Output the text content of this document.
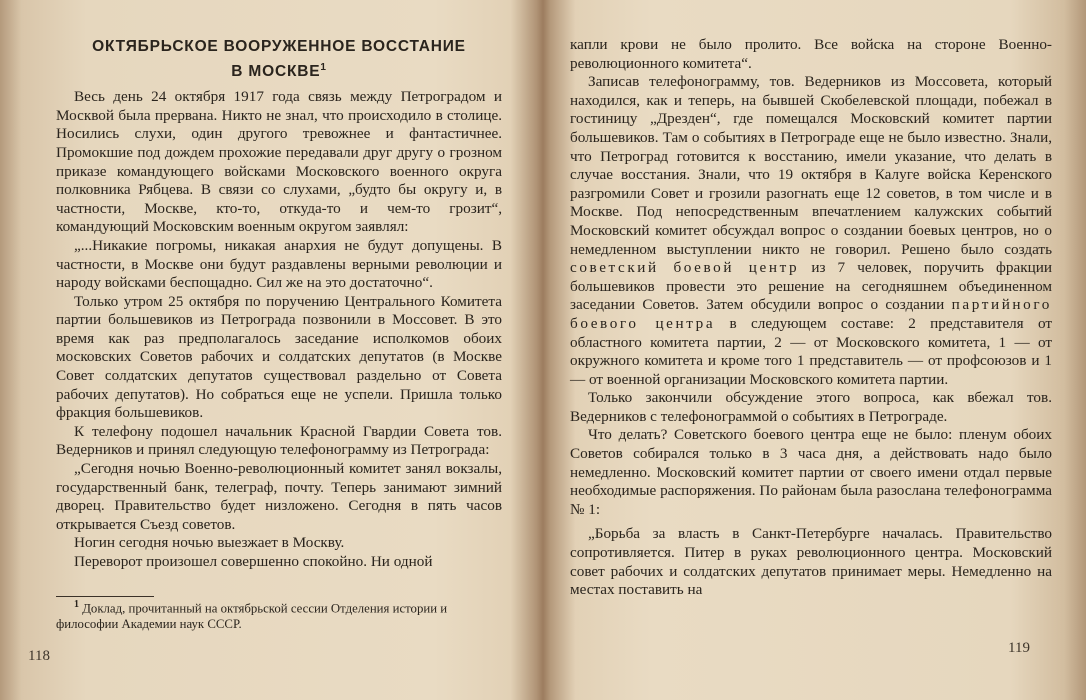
ОКТЯБРЬСКОЕ ВООРУЖЕННОЕ ВОССТАНИЕ
В МОСКВЕ$^1$

Весь день 24 октября 1917 года связь между Петроградом и Москвой была прервана. Никто не знал, что происходило в столице. Носились слухи, один другого тревожнее и фантастичнее. Промокшие под дождем прохожие передавали друг другу о грозном приказе командующего войсками Московского военного округа полковника Рябцева. В связи со слухами, „будто бы округу и, в частности, Москве, кто-то, откуда-то и чем-то грозит“, командующий Московским военным округом заявлял:

„...Никакие погромы, никакая анархия не будут допущены. В частности, в Москве они будут раздавлены верными революции и народу войсками беспощадно. Сил же на это достаточно“.

Только утром 25 октября по поручению Центрального Комитета партии большевиков из Петрограда позвонили в Моссовет. В это время как раз предполагалось заседание исполкомов обоих московских Советов рабочих и солдатских депутатов (в Москве Совет солдатских депутатов существовал раздельно от Совета рабочих депутатов). Но собраться еще не успели. Пришла только фракция большевиков.

К телефону подошел начальник Красной Гвардии Совета тов. Ведерников и принял следующую телефонограмму из Петрограда:

„Сегодня ночью Военно-революционный комитет занял вокзалы, государственный банк, телеграф, почту. Теперь занимают зимний дворец. Правительство будет низложено. Сегодня в пять часов открывается Съезд советов.

Ногин сегодня ночью выезжает в Москву.

Переворот произошел совершенно спокойно. Ни одной

$^1$ Доклад, прочитанный на октябрьской сессии Отделения истории и философии Академии наук СССР.

118

капли крови не было пролито. Все войска на стороне Военно-революционного комитета“.

Записав телефонограмму, тов. Ведерников из Моссовета, который находился, как и теперь, на бывшей Скобелевской площади, побежал в гостиницу „Дрезден“, где помещался Московский комитет партии большевиков. Там о событиях в Петрограде еще не было известно. Знали, что Петроград готовится к восстанию, имели указание, что делать в случае восстания. Знали, что 19 октября в Калуге войска Керенского разгромили Совет и грозили разогнать еще 12 советов, в том числе и в Москве. Под непосредственным впечатлением калужских событий Московский комитет обсуждал вопрос о создании боевых центров, но о немедленном выступлении никто не говорил. Решено было создать советский боевой центр из 7 человек, поручить фракции большевиков провести это решение на сегодняшнем объединенном заседании Советов. Затем обсудили вопрос о создании партийного боевого центра в следующем составе: 2 представителя от областного комитета партии, 2 — от Московского комитета, 1 — от окружного комитета и кроме того 1 представитель — от профсоюзов и 1 — от военной организации Московского комитета партии.

Только закончили обсуждение этого вопроса, как вбежал тов. Ведерников с телефонограммой о событиях в Петрограде.

Что делать? Советского боевого центра еще не было: пленум обоих Советов собирался только в 3 часа дня, а действовать надо было немедленно. Московский комитет партии от своего имени отдал первые необходимые распоряжения. По районам была разослана телефонограмма № 1:

„Борьба за власть в Санкт-Петербурге началась. Правительство сопротивляется. Питер в руках революционного центра. Московский совет рабочих и солдатских депутатов принимает меры. Немедленно на местах поставить на

119
